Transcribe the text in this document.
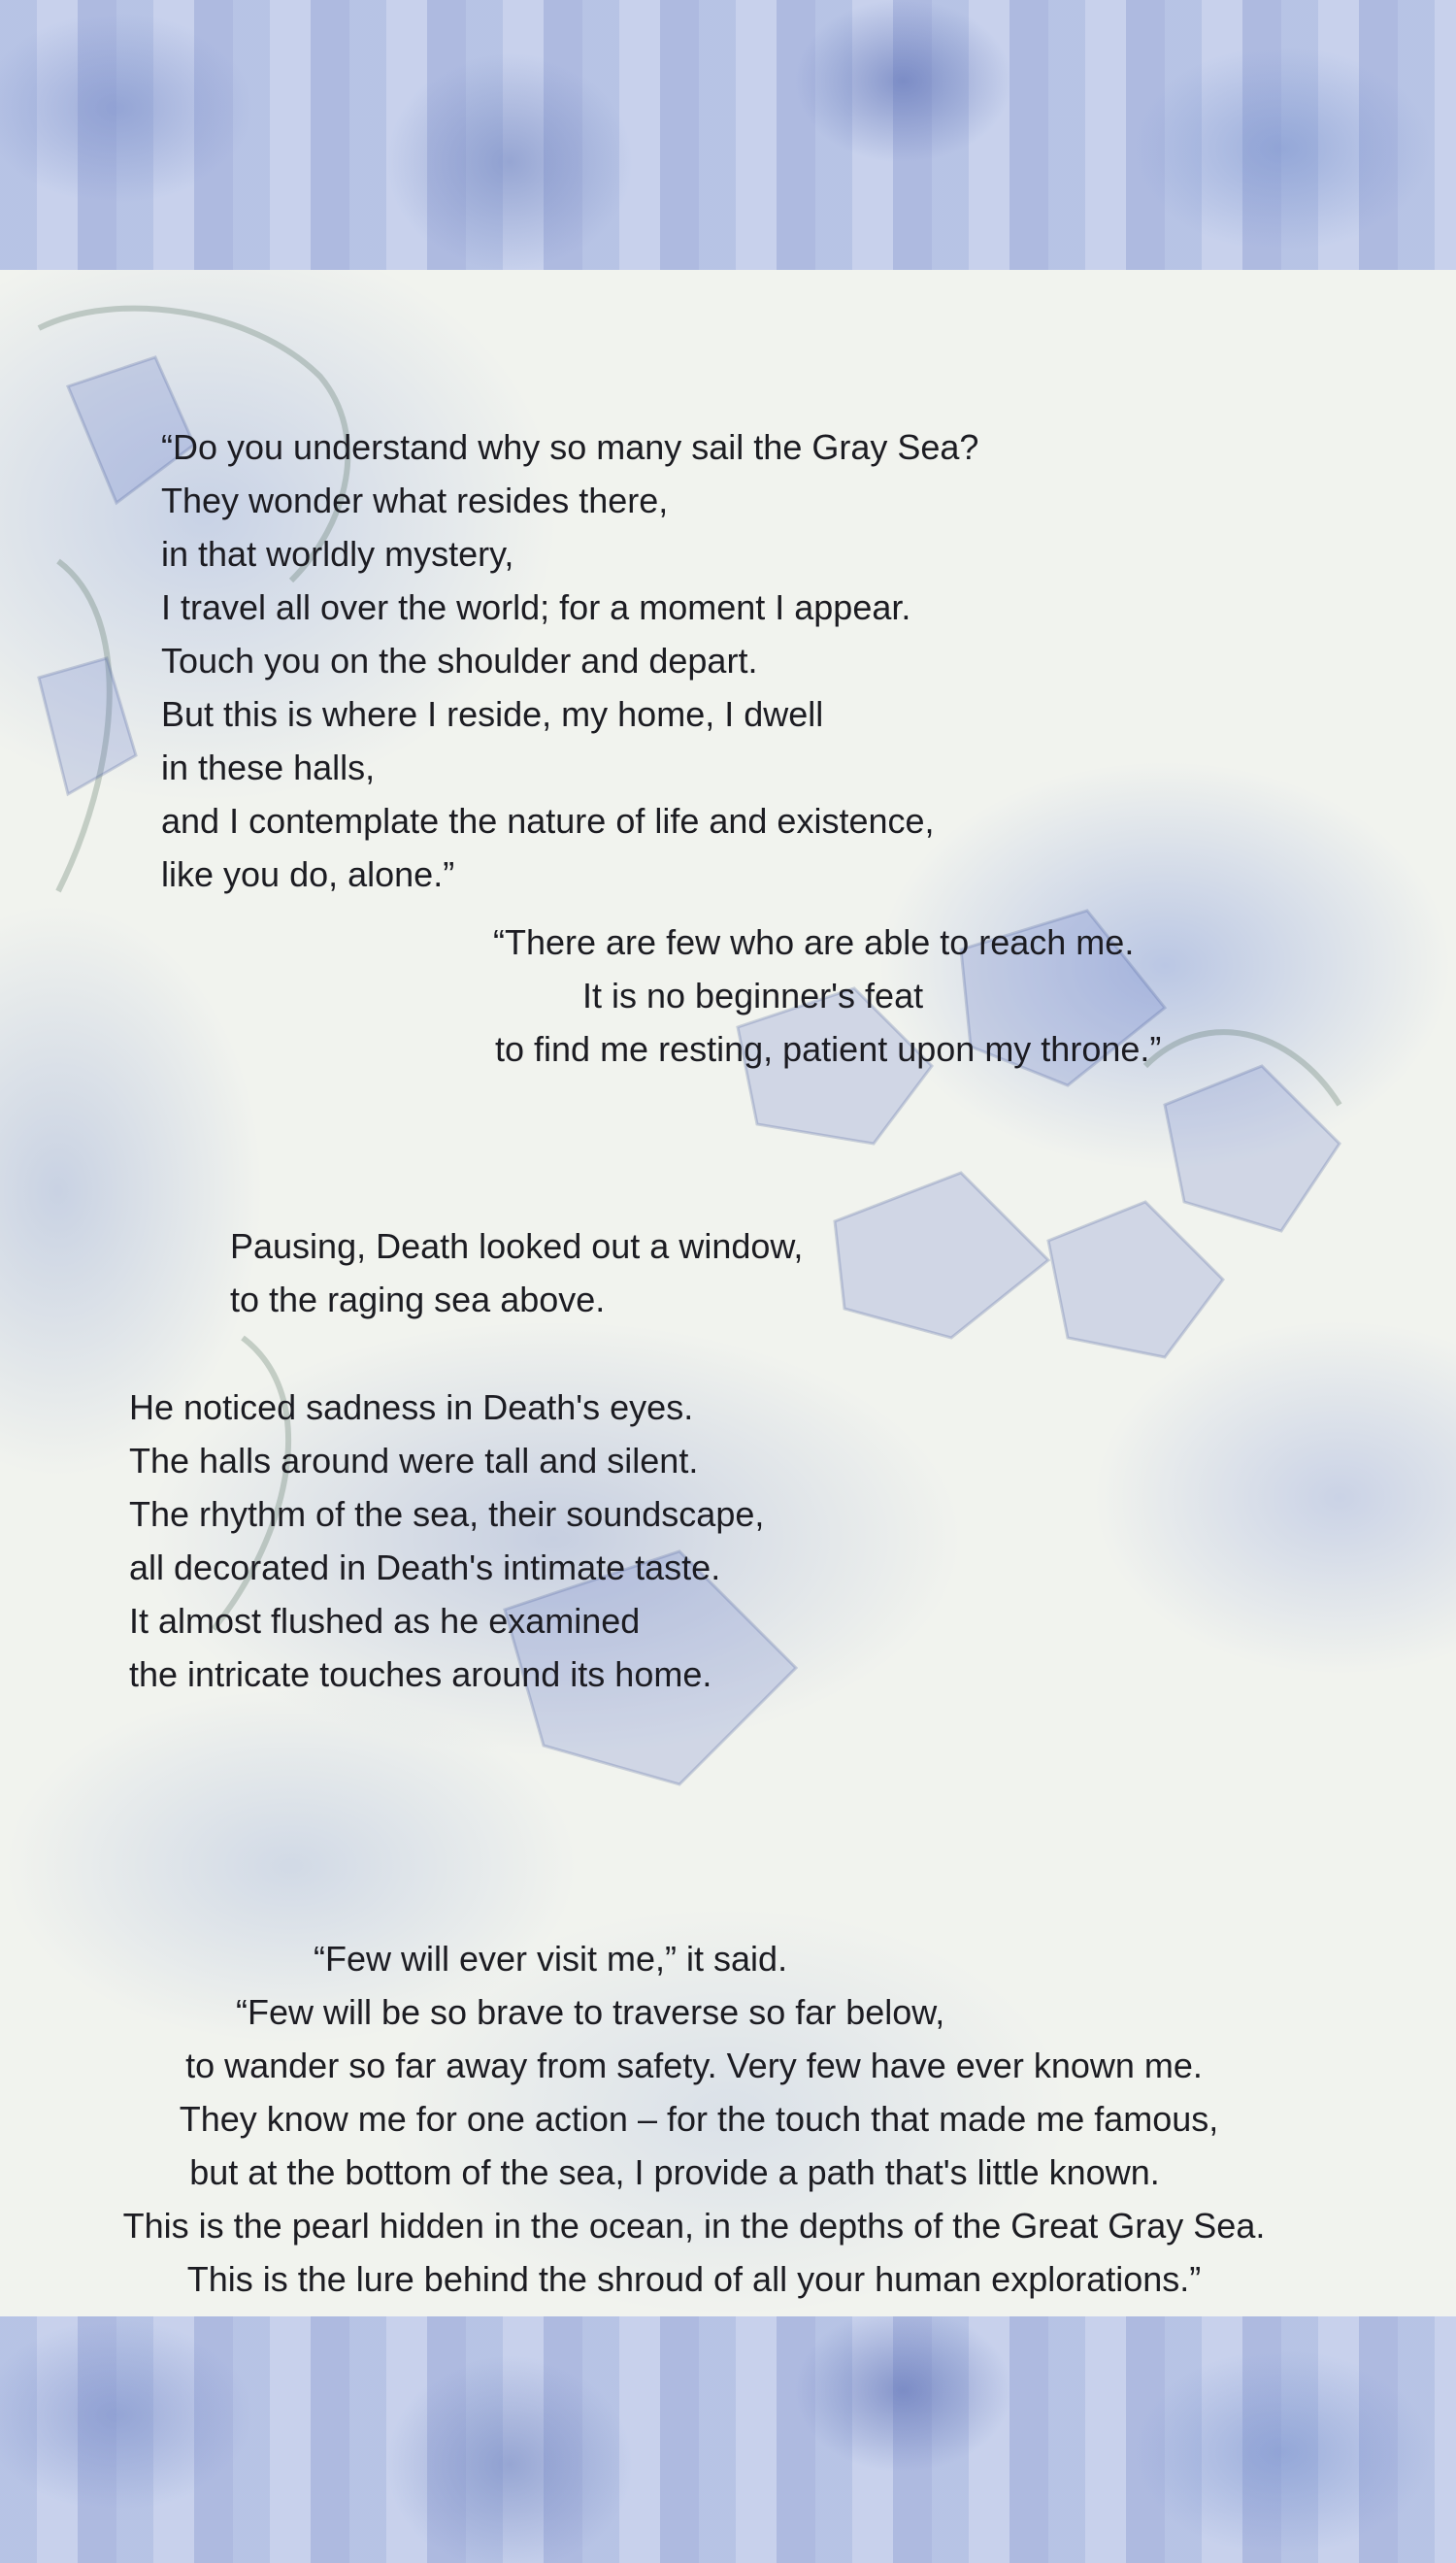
“Do you understand why so many sail the Gray Sea?

They wonder what resides there,

in that worldly mystery,

I travel all over the world; for a moment I appear.

Touch you on the shoulder and depart.

But this is where I reside, my home, I dwell

in these halls,

and I contemplate the nature of life and existence,

like you do, alone.”

“There are few who are able to reach me.

It is no beginner's feat

to find me resting, patient upon my throne.”

Pausing, Death looked out a window,

to the raging sea above.

He noticed sadness in Death's eyes.

The halls around were tall and silent.

The rhythm of the sea, their soundscape,

all decorated in Death's intimate taste.

It almost flushed as he examined

the intricate touches around its home.

“Few will ever visit me,” it said.

“Few will be so brave to traverse so far below,

to wander so far away from safety. Very few have ever known me.

They know me for one action – for the touch that made me famous,

but at the bottom of the sea, I provide a path that's little known.

This is the pearl hidden in the ocean, in the depths of the Great Gray Sea.

This is the lure behind the shroud of all your human explorations.”
